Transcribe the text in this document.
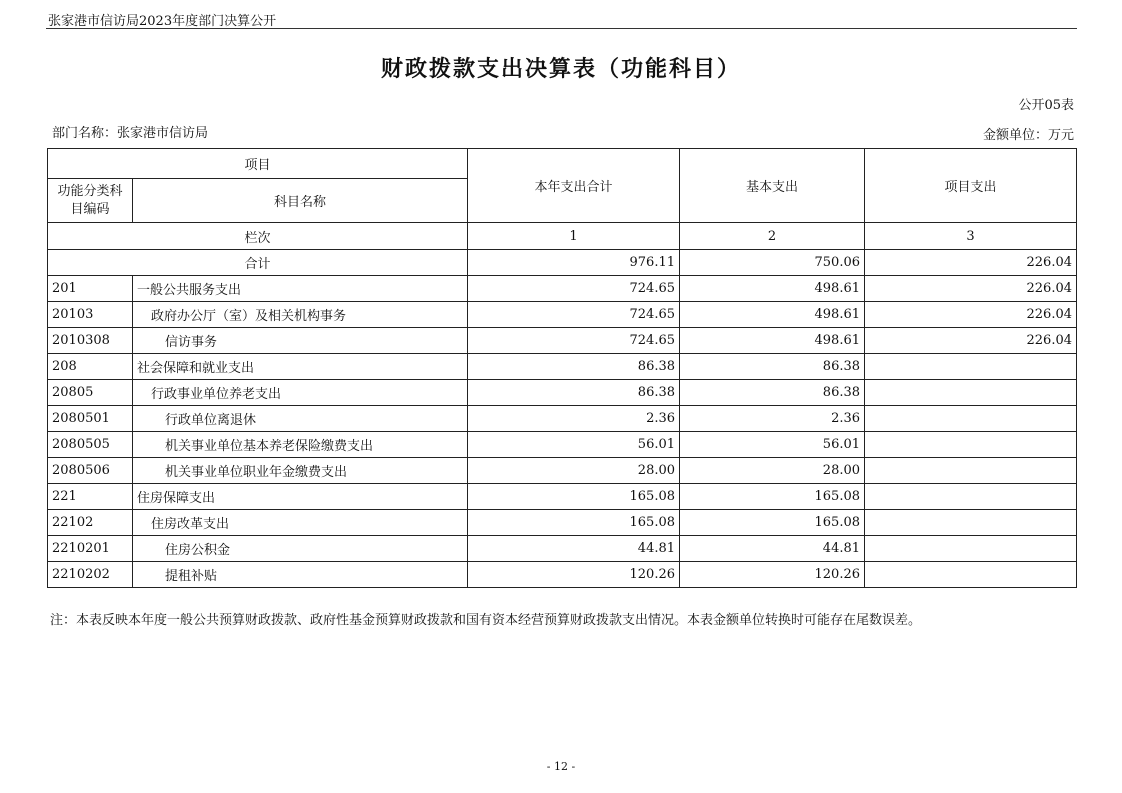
张家港市信访局2023年度部门决算公开
财政拨款支出决算表（功能科目）
公开05表
部门名称：张家港市信访局	金额单位：万元
项目		本年支出合计	基本支出	项目支出
功能分类科目编码	科目名称			
栏次		1	2	3
合计		976.11	750.06	226.04
201	一般公共服务支出	724.65	498.61	226.04
20103	政府办公厅（室）及相关机构事务	724.65	498.61	226.04
2010308	信访事务	724.65	498.61	226.04
208	社会保障和就业支出	86.38	86.38	
20805	行政事业单位养老支出	86.38	86.38	
2080501	行政单位离退休	2.36	2.36	
2080505	机关事业单位基本养老保险缴费支出	56.01	56.01	
2080506	机关事业单位职业年金缴费支出	28.00	28.00	
221	住房保障支出	165.08	165.08	
22102	住房改革支出	165.08	165.08	
2210201	住房公积金	44.81	44.81	
2210202	提租补贴	120.26	120.26	
注：本表反映本年度一般公共预算财政拨款、政府性基金预算财政拨款和国有资本经营预算财政拨款支出情况。本表金额单位转换时可能存在尾数误差。
- 12 -
